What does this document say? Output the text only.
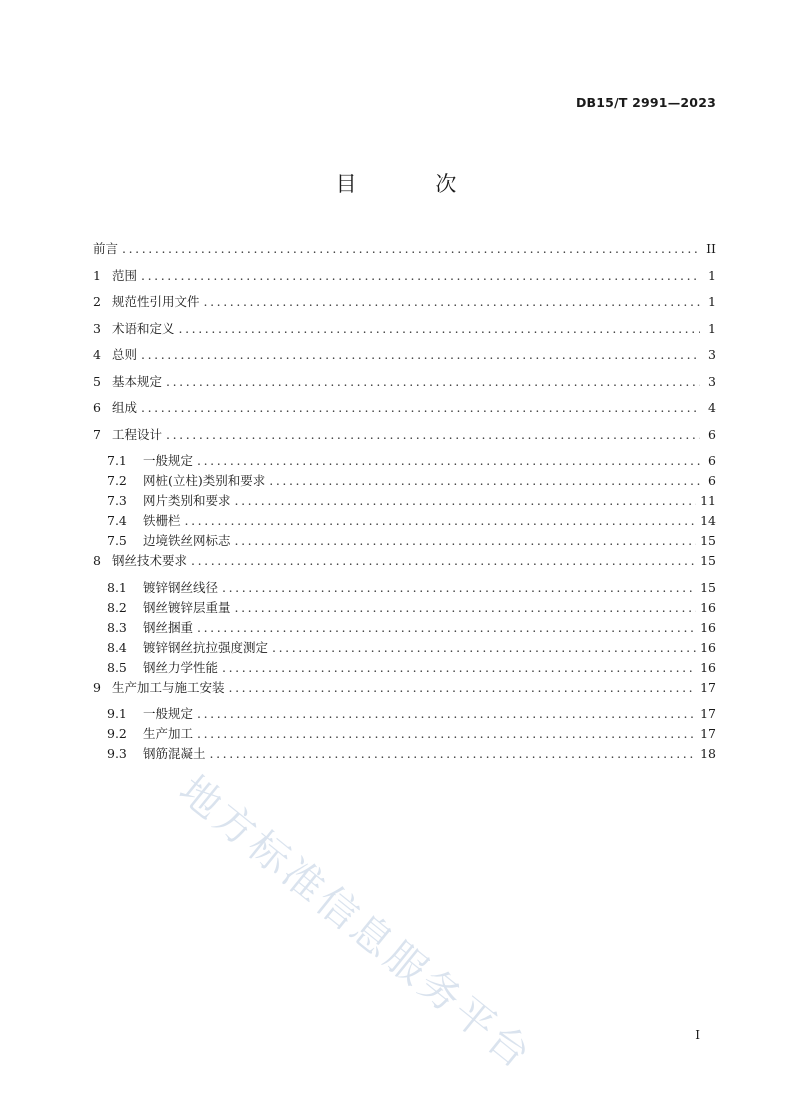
DB15/T 2991—2023
目 次
前言 .....	II
1 范围 .....	1
2 规范性引用文件 .....	1
3 术语和定义 .....	1
4 总则 .....	3
5 基本规定 .....	3
6 组成 .....	4
7 工程设计 .....	6
7.1	一般规定 .....	6
7.2	网桩(立柱)类别和要求 .....	6
7.3	网片类别和要求 .....	11
7.4	铁栅栏 .....	14
7.5	边境铁丝网标志 .....	15
8 钢丝技术要求 .....	15
8.1	镀锌钢丝线径 .....	15
8.2	钢丝镀锌层重量 .....	16
8.3	钢丝捆重 .....	16
8.4	镀锌钢丝抗拉强度测定 .....	16
8.5	钢丝力学性能 .....	16
9 生产加工与施工安装 .....	17
9.1	一般规定 .....	17
9.2	生产加工 .....	17
9.3	钢筋混凝土 .....	18
I
地方标准信息服务平台
